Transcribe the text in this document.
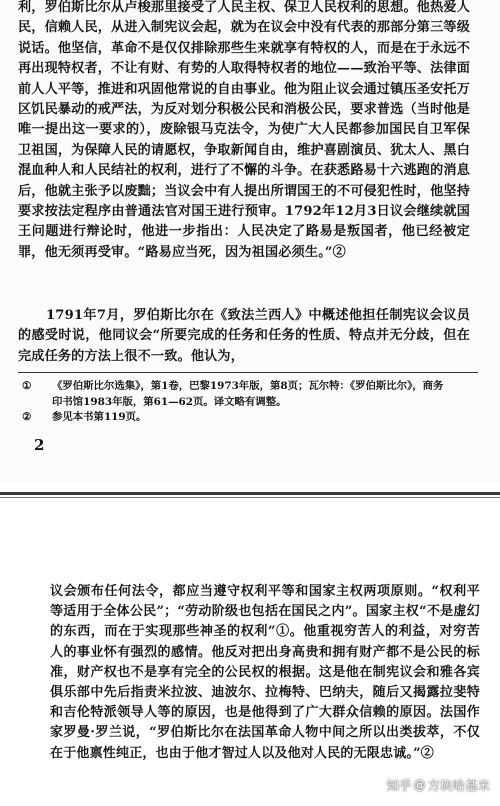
利，罗伯斯比尔从卢梭那里接受了人民主权、保卫人民权利的思想。他热爱人民，信赖人民，从进入制宪议会起，就为在议会中没有代表的那部分第三等级说话。他坚信，革命不是仅仅排除那些生来就享有特权的人，而是在于永远不再出现特权者，不让有财、有势的人取得特权者的地位——致治平等、法律面前人人平等，推进和巩固他常说的自由事业。他为阻止议会通过镇压圣安托万区饥民暴动的戒严法，为反对划分积极公民和消极公民，要求普选（当时他是唯一提出这一要求的），废除银马克法令，为使广大人民都参加国民自卫军保卫祖国，为保障人民的请愿权，争取新闻自由，维护喜剧演员、犹太人、黑白混血种人和人民结社的权利，进行了不懈的斗争。在获悉路易十六逃跑的消息后，他就主张予以废黜；当议会中有人提出所谓国王的不可侵犯性时，他坚持要求按法定程序由普通法官对国王进行预审。1792年12月3日议会继续就国王问题进行辩论时，他进一步指出：人民决定了路易是叛国者，他已经被定罪，他无须再受审。“路易应当死，因为祖国必须生。”②

1791年7月，罗伯斯比尔在《致法兰西人》中概述他担任制宪议会议员的感受时说，他同议会“所要完成的任务和任务的性质、特点并无分歧，但在完成任务的方法上很不一致。他认为，

①	《罗伯斯比尔选集》，第1卷，巴黎1973年版，第8页；瓦尔特：《罗伯斯比尔》，商务印书馆1983年版，第61—62页。译文略有调整。
②	参见本书第119页。
2

议会颁布任何法令，都应当遵守权利平等和国家主权两项原则。“权利平等适用于全体公民”；“劳动阶级也包括在国民之内”。国家主权“不是虚幻的东西，而在于实现那些神圣的权利”①。他重视穷苦人的利益，对穷苦人的事业怀有强烈的感情。他反对把出身高贵和拥有财产都不是公民的标准，财产权也不是享有完全的公民权的根据。这是他在制宪议会和雅各宾俱乐部中先后指责米拉波、迪波尔、拉梅特、巴纳夫，随后又揭露拉斐特和吉伦特派领导人等的原因，也是他得到了广大群众信赖的原因。法国作家罗曼·罗兰说，“罗伯斯比尔在法国革命人物中间之所以出类拔萃，不仅在于他禀性纯正，也由于他才智过人以及他对人民的无限忠诚。”②

知乎 @ 方块哈基米
